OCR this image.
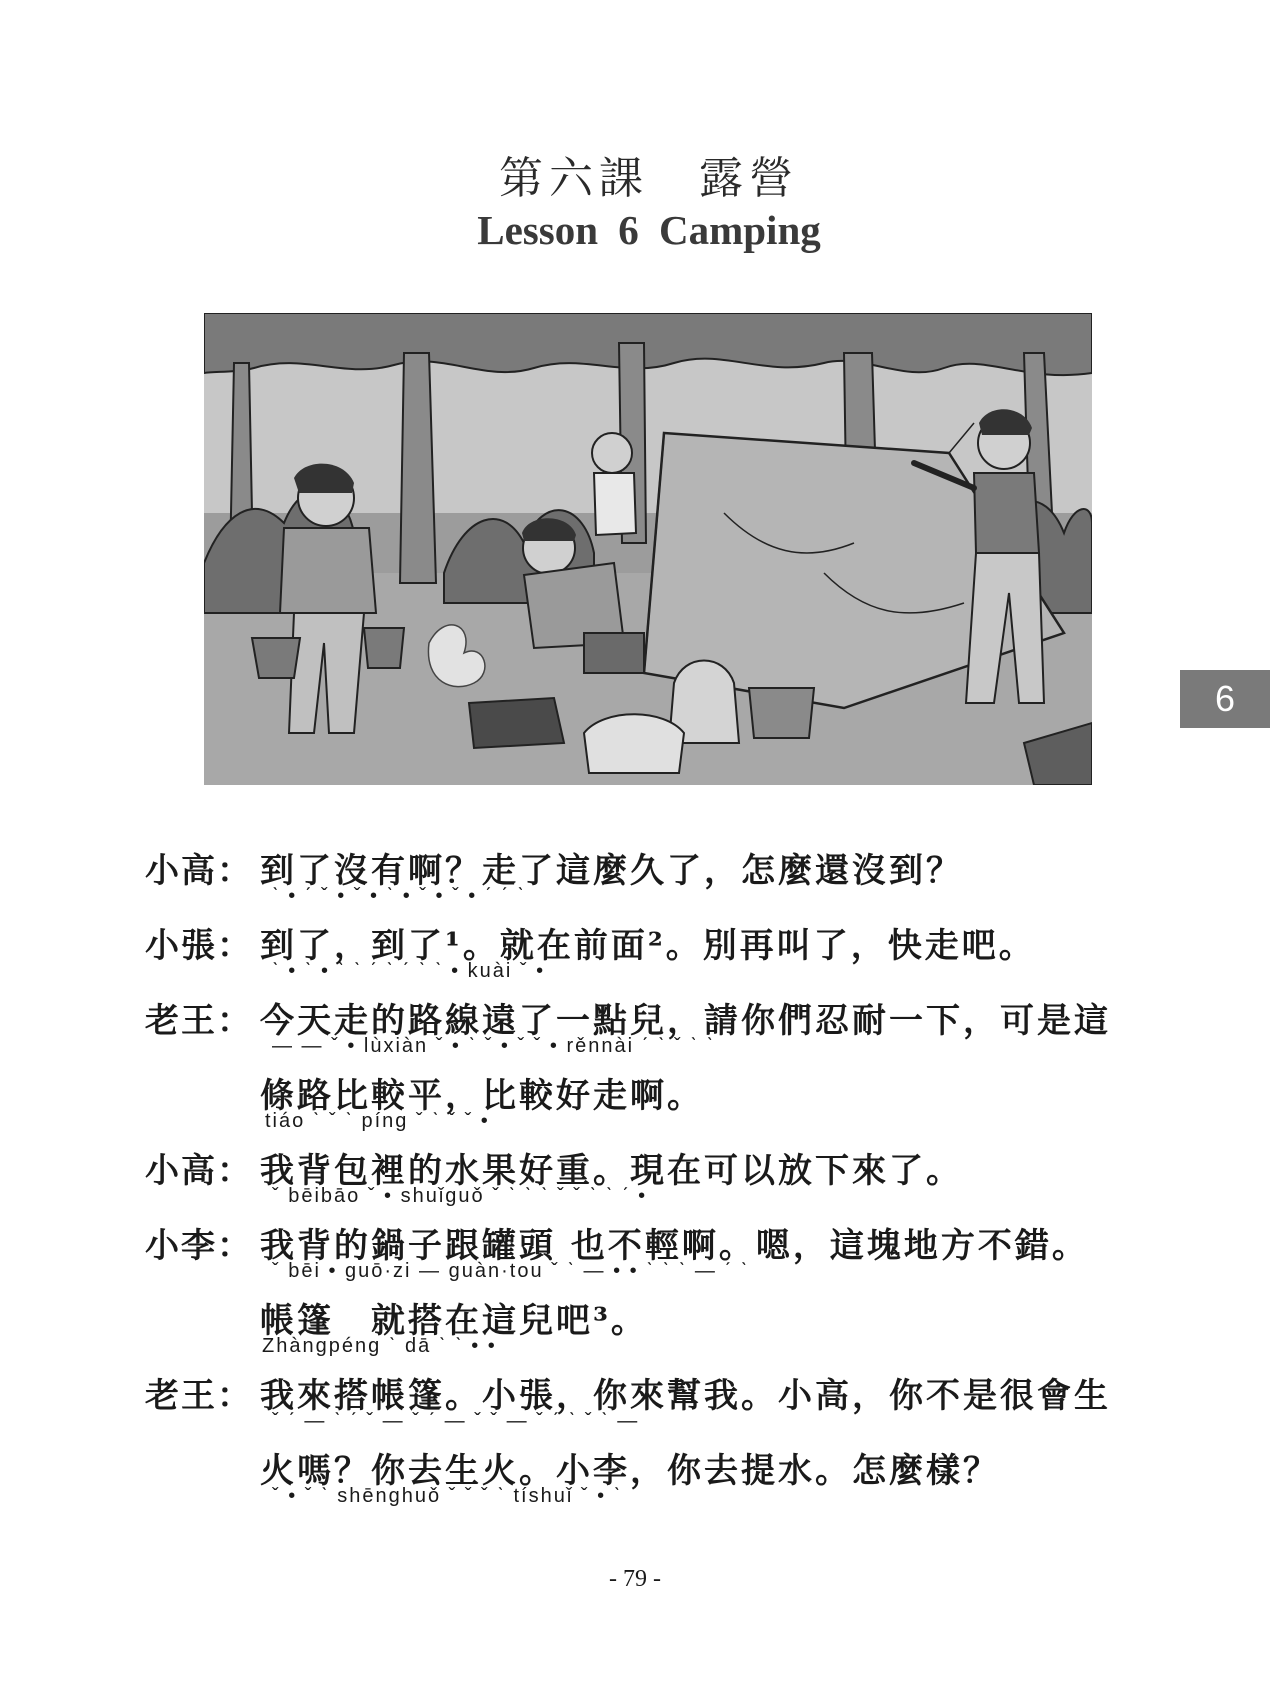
第六課　露營
Lesson 6 Camping
6
小高： 到了沒有啊？走了這麼久了，怎麼還沒到？
ˋ • ˊ ˇ • ˇ • ˋ • ˇ • ˇ • ˊ ˊ ˋ
小張： 到了，到了¹。就在前面²。別再叫了，快走吧。
ˋ • ˋ • ˋ ˋ ˊ ˋ ˊ ˋ ˋ • kuài ˇ •
老王： 今天走的路線遠了一點兒，請你們忍耐一下，可是這
— — ˇ • lùxiàn ˇ • ˋ ˇ • ˇ ˇ • rěnnài ˊ ˋ ˇ ˋ ˋ
條路比較平，比較好走啊。
tiáo ˋ ˇ ˋ píng ˇ ˋ ˇ ˇ •
小高： 我背包裡的水果好重。現在可以放下來了。
ˇ bēibāo ˇ • shuǐguǒ ˇ ˋ ˋ ˋ ˇ ˇ ˋ ˋ ˊ •
小李： 我背的鍋子跟罐頭 也不輕啊。嗯，這塊地方不錯。
ˇ bēi • guō·zi — guàn·tou ˇ ˋ — • • ˋ ˋ ˋ — ˊ ˋ
帳篷　就搭在這兒吧³。
Zhàngpéng ˋ dā ˋ ˋ • •
老王： 我來搭帳篷。小張，你來幫我。小高，你不是很會生
ˇ ˊ — ˋ ˊ ˇ — ˇ ˊ — ˇ ˇ — ˇ ˊ ˋ ˇ ˋ —
火嗎？你去生火。小李，你去提水。怎麼樣？
ˇ • ˇ ˋ shēnghuǒ ˇ ˇ ˇ ˋ tíshuǐ ˇ • ˋ
- 79 -
